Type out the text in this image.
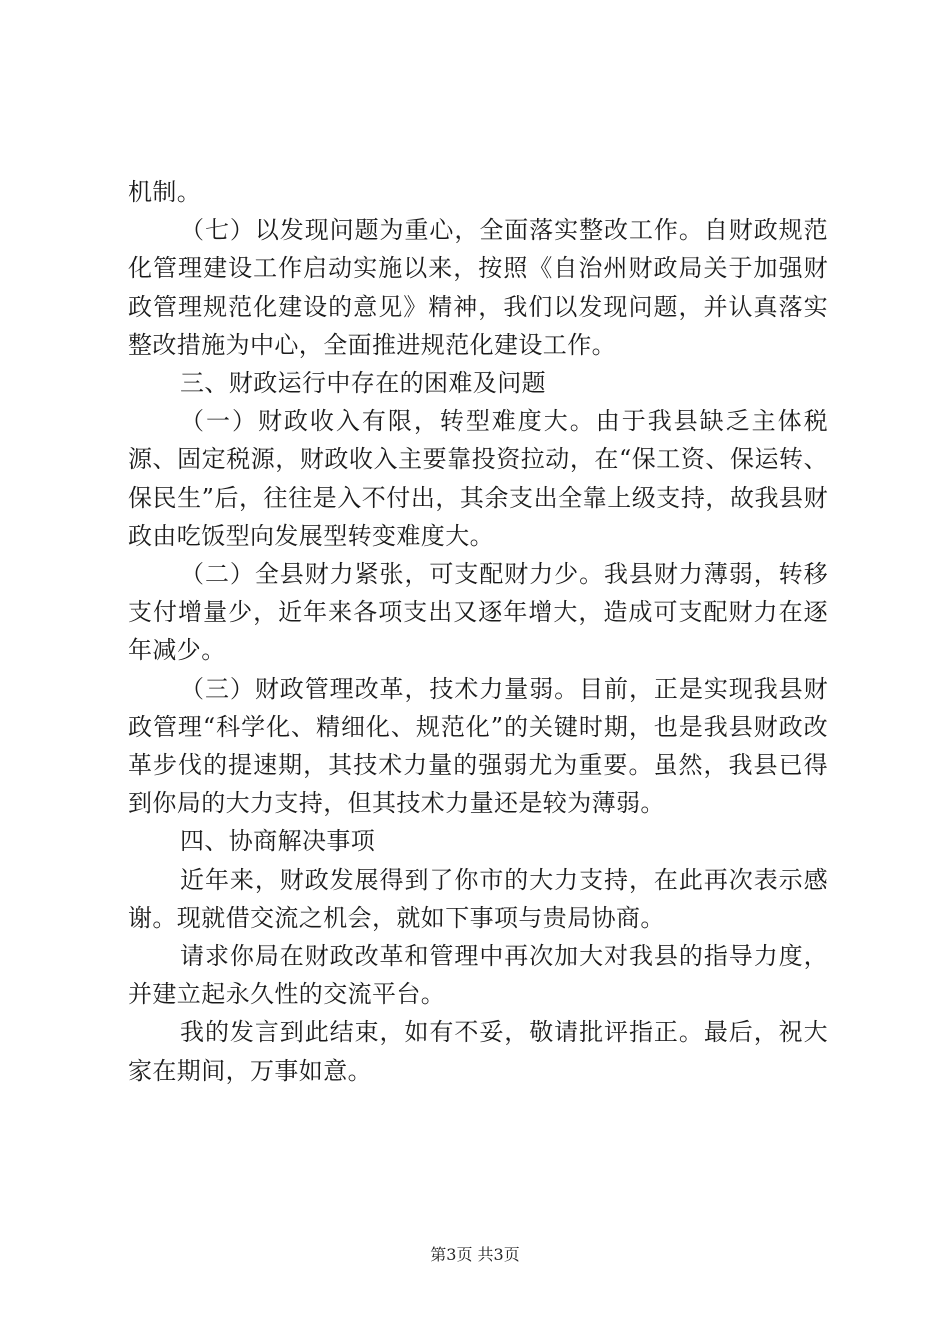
机制。

（七）以发现问题为重心，全面落实整改工作。自财政规范化管理建设工作启动实施以来，按照《自治州财政局关于加强财政管理规范化建设的意见》精神，我们以发现问题，并认真落实整改措施为中心，全面推进规范化建设工作。

三、财政运行中存在的困难及问题

（一）财政收入有限，转型难度大。由于我县缺乏主体税源、固定税源，财政收入主要靠投资拉动，在“保工资、保运转、保民生”后，往往是入不付出，其余支出全靠上级支持，故我县财政由吃饭型向发展型转变难度大。

（二）全县财力紧张，可支配财力少。我县财力薄弱，转移支付增量少，近年来各项支出又逐年增大，造成可支配财力在逐年减少。

（三）财政管理改革，技术力量弱。目前，正是实现我县财政管理“科学化、精细化、规范化”的关键时期，也是我县财政改革步伐的提速期，其技术力量的强弱尤为重要。虽然，我县已得到你局的大力支持，但其技术力量还是较为薄弱。

四、协商解决事项

近年来，财政发展得到了你市的大力支持，在此再次表示感谢。现就借交流之机会，就如下事项与贵局协商。

请求你局在财政改革和管理中再次加大对我县的指导力度，并建立起永久性的交流平台。

我的发言到此结束，如有不妥，敬请批评指正。最后，祝大家在期间，万事如意。

第3页 共3页
